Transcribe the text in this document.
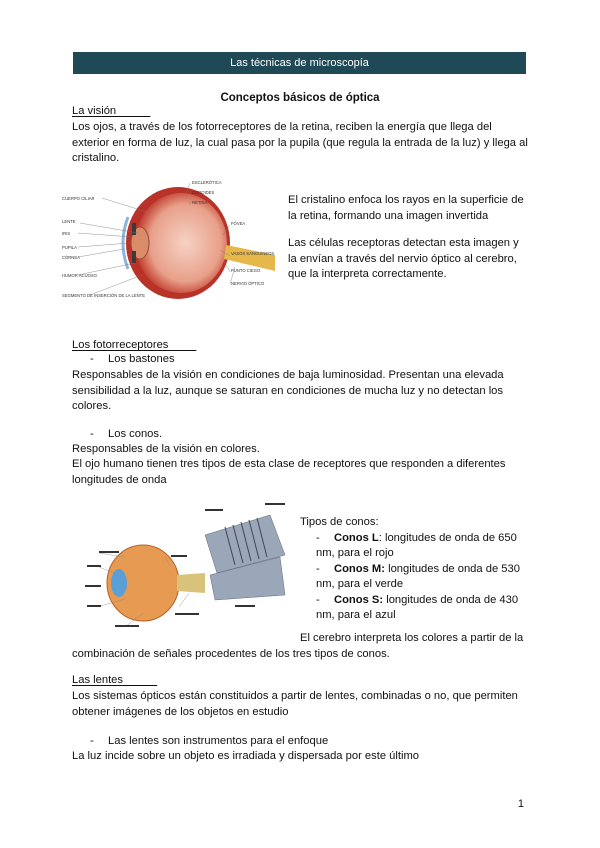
Las técnicas de microscopía
Conceptos básicos de óptica
La visión
Los ojos, a través de los fotorreceptores de la retina, reciben la energía que llega del exterior en forma de luz, la cual pasa por la pupila (que regula la entrada de la luz) y llega al cristalino.
CUERPO CILIAR
LENTE
IRIS
PUPILA
CÓRNEA
HUMOR ACUOSO
SEGMENTO DE INSERCIÓN DE LA LENTE
ESCLERÓTICA
COROIDES
RETINA
FÓVEA
VASOS SANGUÍNEOS
PUNTO CIEGO
NERVIO ÓPTICO
El cristalino enfoca los rayos en la superficie de la retina, formando una imagen invertida
Las células receptoras detectan esta imagen y la envían a través del nervio óptico al cerebro, que la interpreta correctamente.
Los fotorreceptores
- Los bastones
Responsables de la visión en condiciones de baja luminosidad. Presentan una elevada sensibilidad a la luz, aunque se saturan en condiciones de mucha luz y no detectan los colores.
- Los conos.
Responsables de la visión en colores.
El ojo humano tienen tres tipos de esta clase de receptores que responden a diferentes longitudes de onda
Tipos de conos:
- Conos L: longitudes de onda de 650 nm, para el rojo
- Conos M: longitudes de onda de 530 nm, para el verde
- Conos S: longitudes de onda de 430 nm, para el azul
El cerebro interpreta los colores a partir de la combinación de señales procedentes de los tres tipos de conos.
Las lentes
Los sistemas ópticos están constituidos a partir de lentes, combinadas o no, que permiten obtener imágenes de los objetos en estudio
- Las lentes son instrumentos para el enfoque
La luz incide sobre un objeto es irradiada y dispersada por este último
1
